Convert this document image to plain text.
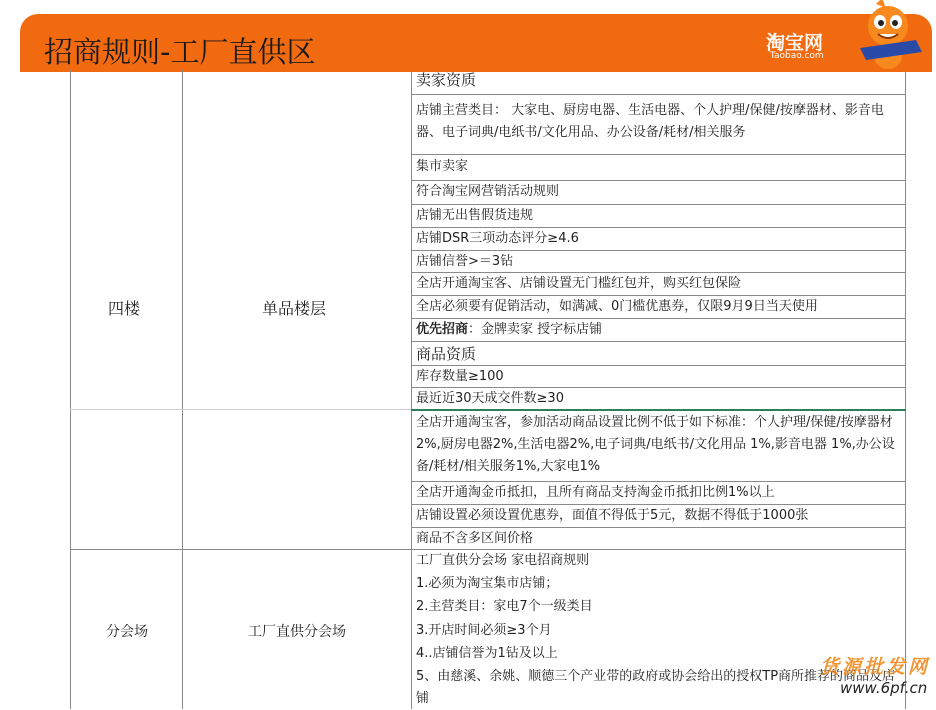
招商规则-工厂直供区	淘宝网
Taobao.com
四楼	单品楼层
分会场	工厂直供分会场
卖家资质
店铺主营类目： 大家电、厨房电器、生活电器、个人护理/保健/按摩器材、影音电器、电子词典/电纸书/文化用品、办公设备/耗材/相关服务
集市卖家
符合淘宝网营销活动规则
店铺无出售假货违规
店铺DSR三项动态评分≥4.6
店铺信誉>＝3钻
全店开通淘宝客、店铺设置无门槛红包并，购买红包保险
全店必须要有促销活动，如满减、0门槛优惠券，仅限9月9日当天使用
优先招商：金牌卖家 授字标店铺
商品资质
库存数量≥100
最近近30天成交件数≥30
全店开通淘宝客，参加活动商品设置比例不低于如下标准：个人护理/保健/按摩器材2%,厨房电器2%,生活电器2%,电子词典/电纸书/文化用品 1%,影音电器 1%,办公设备/耗材/相关服务1%,大家电1%
全店开通淘金币抵扣，且所有商品支持淘金币抵扣比例1%以上
店铺设置必须设置优惠券，面值不得低于5元，数据不得低于1000张
商品不含多区间价格
工厂直供分会场 家电招商规则
1.必须为淘宝集市店铺；
2.主营类目：家电7个一级类目
3.开店时间必须≥3个月
4..店铺信誉为1钻及以上
5、由慈溪、余姚、顺德三个产业带的政府或协会给出的授权TP商所推荐的商品及店铺
货源批发网
www.6pf.cn
